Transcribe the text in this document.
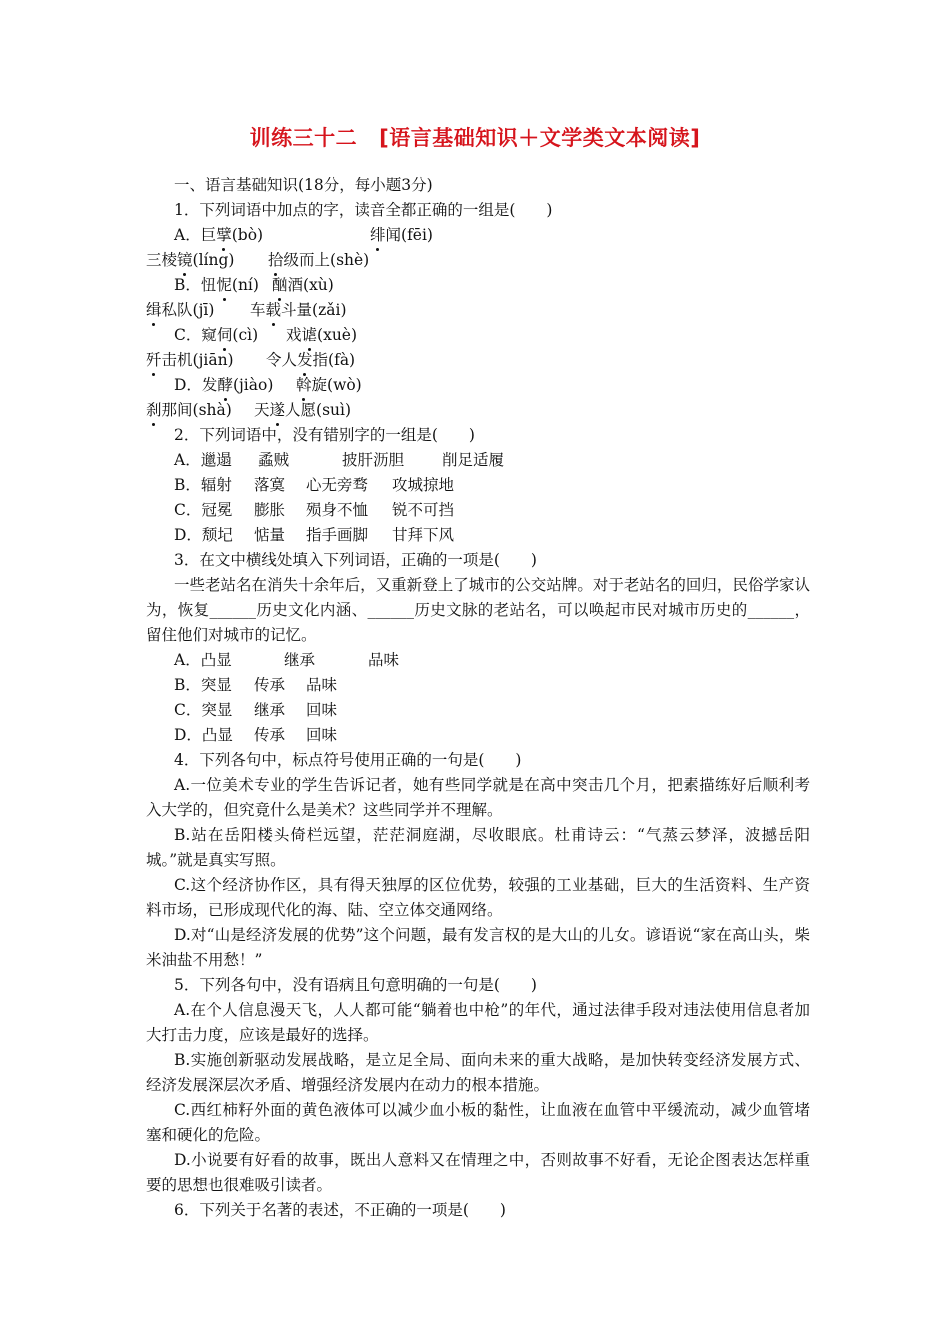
训练三十二 [语言基础知识＋文学类文本阅读]
一、语言基础知识(18分，每小题3分)
1．下列词语中加点的字，读音全都正确的一组是(　　)
A．巨擘(bò)	绯闻(fēi)
三棱镜(líng) 拾级而上(shè)
B．忸怩(ní) 酗酒(xù)
缉私队(jī) 车载斗量(zǎi)
C．窥伺(cì) 戏谑(xuè)
歼击机(jiān) 令人发指(fà)
D．发酵(jiào) 斡旋(wò)
刹那间(shà) 天遂人愿(suì)
2．下列词语中，没有错别字的一组是(　　)
A．邋遢 蟊贼	披肝沥胆 削足适履
B．辐射 落寞 心无旁骛 攻城掠地
C．冠冕 膨胀 殒身不恤 锐不可挡
D．颓圮 惦量 指手画脚 甘拜下风
3．在文中横线处填入下列词语，正确的一项是(　　)
一些老站名在消失十余年后，又重新登上了城市的公交站牌。对于老站名的回归，民俗学家认为，恢复______历史文化内涵、______历史文脉的老站名，可以唤起市民对城市历史的______，留住他们对城市的记忆。
A．凸显	继承	品味
B．突显 传承 品味
C．突显 继承 回味
D．凸显 传承 回味
4．下列各句中，标点符号使用正确的一句是(　　)
A.一位美术专业的学生告诉记者，她有些同学就是在高中突击几个月，把素描练好后顺利考入大学的，但究竟什么是美术？这些同学并不理解。
B.站在岳阳楼头倚栏远望，茫茫洞庭湖，尽收眼底。杜甫诗云：“气蒸云梦泽，波撼岳阳城。”就是真实写照。
C.这个经济协作区，具有得天独厚的区位优势，较强的工业基础，巨大的生活资料、生产资料市场，已形成现代化的海、陆、空立体交通网络。
D.对“山是经济发展的优势”这个问题，最有发言权的是大山的儿女。谚语说“家在高山头，柴米油盐不用愁！”
5．下列各句中，没有语病且句意明确的一句是(　　)
A.在个人信息漫天飞，人人都可能“躺着也中枪”的年代，通过法律手段对违法使用信息者加大打击力度，应该是最好的选择。
B.实施创新驱动发展战略，是立足全局、面向未来的重大战略，是加快转变经济发展方式、经济发展深层次矛盾、增强经济发展内在动力的根本措施。
C.西红柿籽外面的黄色液体可以减少血小板的黏性，让血液在血管中平缓流动，减少血管堵塞和硬化的危险。
D.小说要有好看的故事，既出人意料又在情理之中，否则故事不好看，无论企图表达怎样重要的思想也很难吸引读者。
6．下列关于名著的表述，不正确的一项是(　　)
